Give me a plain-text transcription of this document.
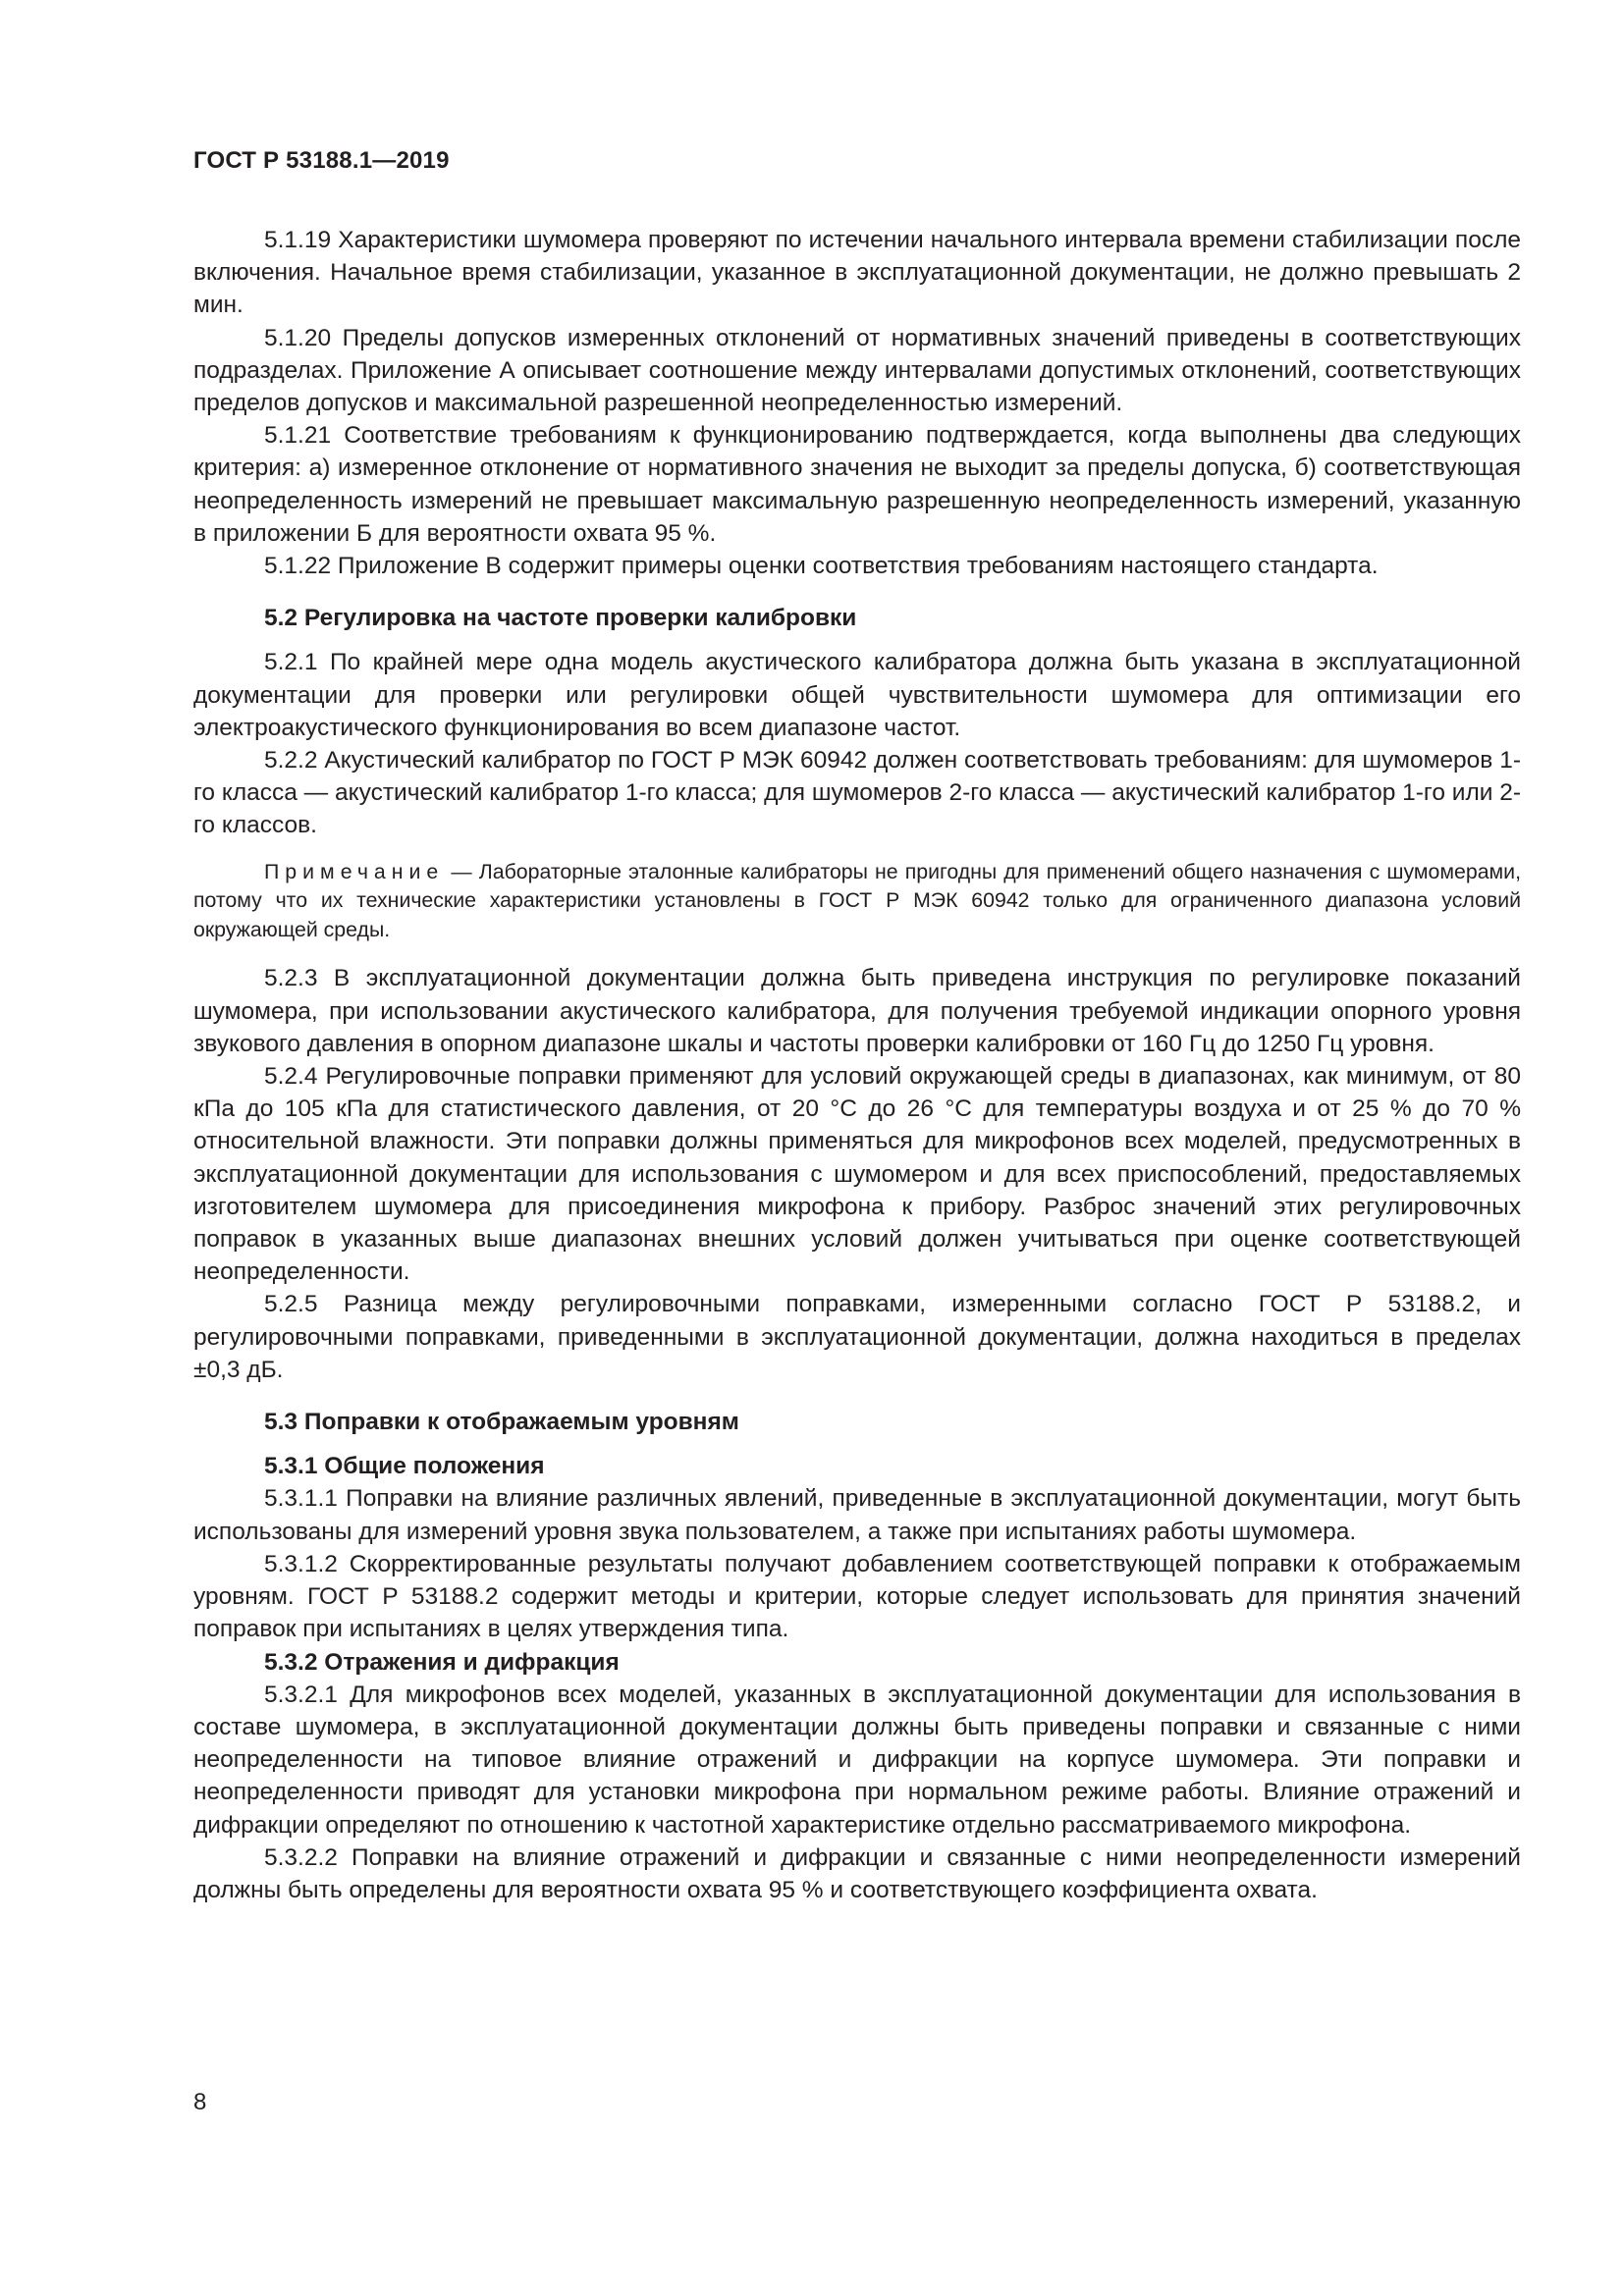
ГОСТ Р 53188.1—2019

5.1.19 Характеристики шумомера проверяют по истечении начального интервала времени стабилизации после включения. Начальное время стабилизации, указанное в эксплуатационной документации, не должно превышать 2 мин.

5.1.20 Пределы допусков измеренных отклонений от нормативных значений приведены в соответствующих подразделах. Приложение А описывает соотношение между интервалами допустимых отклонений, соответствующих пределов допусков и максимальной разрешенной неопределенностью измерений.

5.1.21 Соответствие требованиям к функционированию подтверждается, когда выполнены два следующих критерия: а) измеренное отклонение от нормативного значения не выходит за пределы допуска, б) соответствующая неопределенность измерений не превышает максимальную разрешенную неопределенность измерений, указанную в приложении Б для вероятности охвата 95 %.

5.1.22 Приложение В содержит примеры оценки соответствия требованиям настоящего стандарта.

5.2 Регулировка на частоте проверки калибровки

5.2.1 По крайней мере одна модель акустического калибратора должна быть указана в эксплуатационной документации для проверки или регулировки общей чувствительности шумомера для оптимизации его электроакустического функционирования во всем диапазоне частот.

5.2.2 Акустический калибратор по ГОСТ Р МЭК 60942 должен соответствовать требованиям: для шумомеров 1-го класса — акустический калибратор 1-го класса; для шумомеров 2-го класса — акустический калибратор 1-го или 2-го классов.

Примечание — Лабораторные эталонные калибраторы не пригодны для применений общего назначения с шумомерами, потому что их технические характеристики установлены в ГОСТ Р МЭК 60942 только для ограниченного диапазона условий окружающей среды.

5.2.3 В эксплуатационной документации должна быть приведена инструкция по регулировке показаний шумомера, при использовании акустического калибратора, для получения требуемой индикации опорного уровня звукового давления в опорном диапазоне шкалы и частоты проверки калибровки от 160 Гц до 1250 Гц уровня.

5.2.4 Регулировочные поправки применяют для условий окружающей среды в диапазонах, как минимум, от 80 кПа до 105 кПа для статистического давления, от 20 °С до 26 °С для температуры воздуха и от 25 % до 70 % относительной влажности. Эти поправки должны применяться для микрофонов всех моделей, предусмотренных в эксплуатационной документации для использования с шумомером и для всех приспособлений, предоставляемых изготовителем шумомера для присоединения микрофона к прибору. Разброс значений этих регулировочных поправок в указанных выше диапазонах внешних условий должен учитываться при оценке соответствующей неопределенности.

5.2.5 Разница между регулировочными поправками, измеренными согласно ГОСТ Р 53188.2, и регулировочными поправками, приведенными в эксплуатационной документации, должна находиться в пределах ±0,3 дБ.

5.3 Поправки к отображаемым уровням

5.3.1 Общие положения

5.3.1.1 Поправки на влияние различных явлений, приведенные в эксплуатационной документации, могут быть использованы для измерений уровня звука пользователем, а также при испытаниях работы шумомера.

5.3.1.2 Скорректированные результаты получают добавлением соответствующей поправки к отображаемым уровням. ГОСТ Р 53188.2 содержит методы и критерии, которые следует использовать для принятия значений поправок при испытаниях в целях утверждения типа.

5.3.2 Отражения и дифракция

5.3.2.1 Для микрофонов всех моделей, указанных в эксплуатационной документации для использования в составе шумомера, в эксплуатационной документации должны быть приведены поправки и связанные с ними неопределенности на типовое влияние отражений и дифракции на корпусе шумомера. Эти поправки и неопределенности приводят для установки микрофона при нормальном режиме работы. Влияние отражений и дифракции определяют по отношению к частотной характеристике отдельно рассматриваемого микрофона.

5.3.2.2 Поправки на влияние отражений и дифракции и связанные с ними неопределенности измерений должны быть определены для вероятности охвата 95 % и соответствующего коэффициента охвата.

8
